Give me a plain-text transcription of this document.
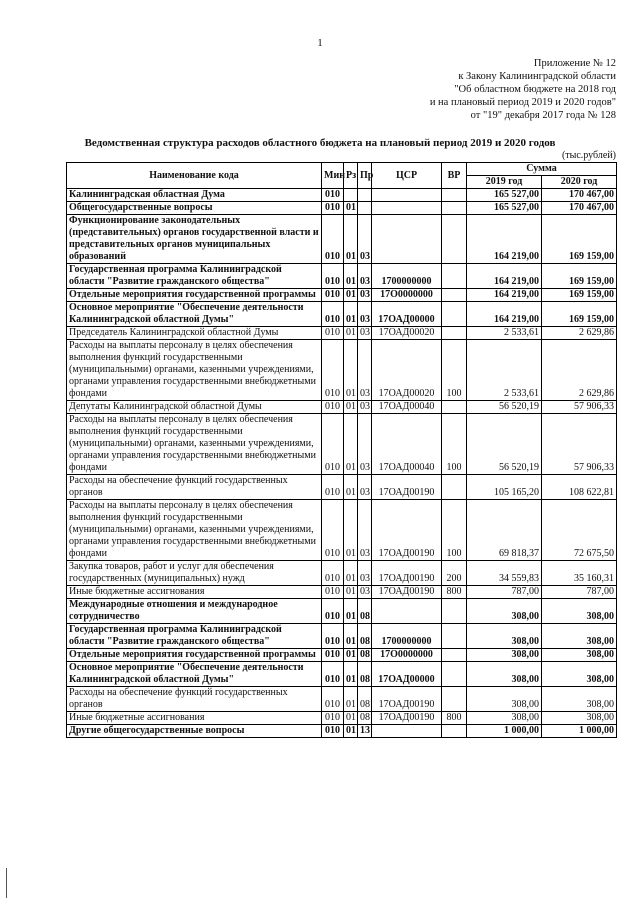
1
Приложение № 12
к Закону Калининградской области
"Об областном бюджете на 2018 год
и на плановый период 2019 и 2020 годов"
от "19" декабря 2017 года № 128
Ведомственная структура расходов областного бюджета на плановый период 2019 и 2020 годов
(тыс.рублей)
Наименование кода	Мин	Рз	Пр	ЦСР	ВР	Сумма	
						2019 год	2020 год
Калининградская областная Дума	010					165 527,00	170 467,00
Общегосударственные вопросы	010	01				165 527,00	170 467,00
Функционирование законодательных (представительных) органов государственной власти и представительных органов муниципальных образований	010	01	03			164 219,00	169 159,00
Государственная программа Калининградской области "Развитие гражданского общества"	010	01	03	1700000000		164 219,00	169 159,00
Отдельные мероприятия государственной программы	010	01	03	17О0000000		164 219,00	169 159,00
Основное мероприятие "Обеспечение деятельности Калининградской областной Думы"	010	01	03	17ОАД00000		164 219,00	169 159,00
Председатель Калининградской областной Думы	010	01	03	17ОАД00020		2 533,61	2 629,86
Расходы на выплаты персоналу в целях обеспечения выполнения функций государственными (муниципальными) органами, казенными учреждениями, органами управления государственными внебюджетными фондами	010	01	03	17ОАД00020	100	2 533,61	2 629,86
Депутаты Калининградской областной Думы	010	01	03	17ОАД00040		56 520,19	57 906,33
Расходы на выплаты персоналу в целях обеспечения выполнения функций государственными (муниципальными) органами, казенными учреждениями, органами управления государственными внебюджетными фондами	010	01	03	17ОАД00040	100	56 520,19	57 906,33
Расходы на обеспечение функций государственных органов	010	01	03	17ОАД00190		105 165,20	108 622,81
Расходы на выплаты персоналу в целях обеспечения выполнения функций государственными (муниципальными) органами, казенными учреждениями, органами управления государственными внебюджетными фондами	010	01	03	17ОАД00190	100	69 818,37	72 675,50
Закупка товаров, работ и услуг для обеспечения государственных (муниципальных) нужд	010	01	03	17ОАД00190	200	34 559,83	35 160,31
Иные бюджетные ассигнования	010	01	03	17ОАД00190	800	787,00	787,00
Международные отношения и международное сотрудничество	010	01	08			308,00	308,00
Государственная программа Калининградской области "Развитие гражданского общества"	010	01	08	1700000000		308,00	308,00
Отдельные мероприятия государственной программы	010	01	08	17О0000000		308,00	308,00
Основное мероприятие "Обеспечение деятельности Калининградской областной Думы"	010	01	08	17ОАД00000		308,00	308,00
Расходы на обеспечение функций государственных органов	010	01	08	17ОАД00190		308,00	308,00
Иные бюджетные ассигнования	010	01	08	17ОАД00190	800	308,00	308,00
Другие общегосударственные вопросы	010	01	13			1 000,00	1 000,00
